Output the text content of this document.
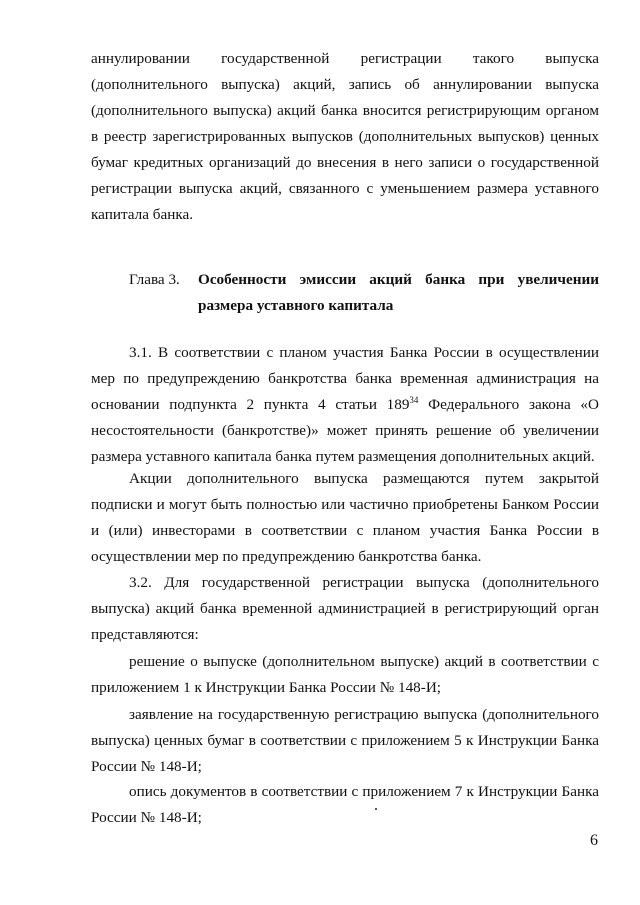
аннулировании государственной регистрации такого выпуска (дополнительного выпуска) акций, запись об аннулировании выпуска (дополнительного выпуска) акций банка вносится регистрирующим органом в реестр зарегистрированных выпусков (дополнительных выпусков) ценных бумаг кредитных организаций до внесения в него записи о государственной регистрации выпуска акций, связанного с уменьшением размера уставного капитала банка.

Глава 3. Особенности эмиссии акций банка при увеличении размера уставного капитала

3.1. В соответствии с планом участия Банка России в осуществлении мер по предупреждению банкротства банка временная администрация на основании подпункта 2 пункта 4 статьи $189^{34}$ Федерального закона «О несостоятельности (банкротстве)» может принять решение об увеличении размера уставного капитала банка путем размещения дополнительных акций.

Акции дополнительного выпуска размещаются путем закрытой подписки и могут быть полностью или частично приобретены Банком России и (или) инвесторами в соответствии с планом участия Банка России в осуществлении мер по предупреждению банкротства банка.

3.2. Для государственной регистрации выпуска (дополнительного выпуска) акций банка временной администрацией в регистрирующий орган представляются:

решение о выпуске (дополнительном выпуске) акций в соответствии с приложением 1 к Инструкции Банка России № 148-И;

заявление на государственную регистрацию выпуска (дополнительного выпуска) ценных бумаг в соответствии с приложением 5 к Инструкции Банка России № 148-И;

опись документов в соответствии с приложением 7 к Инструкции Банка России № 148-И;

6
